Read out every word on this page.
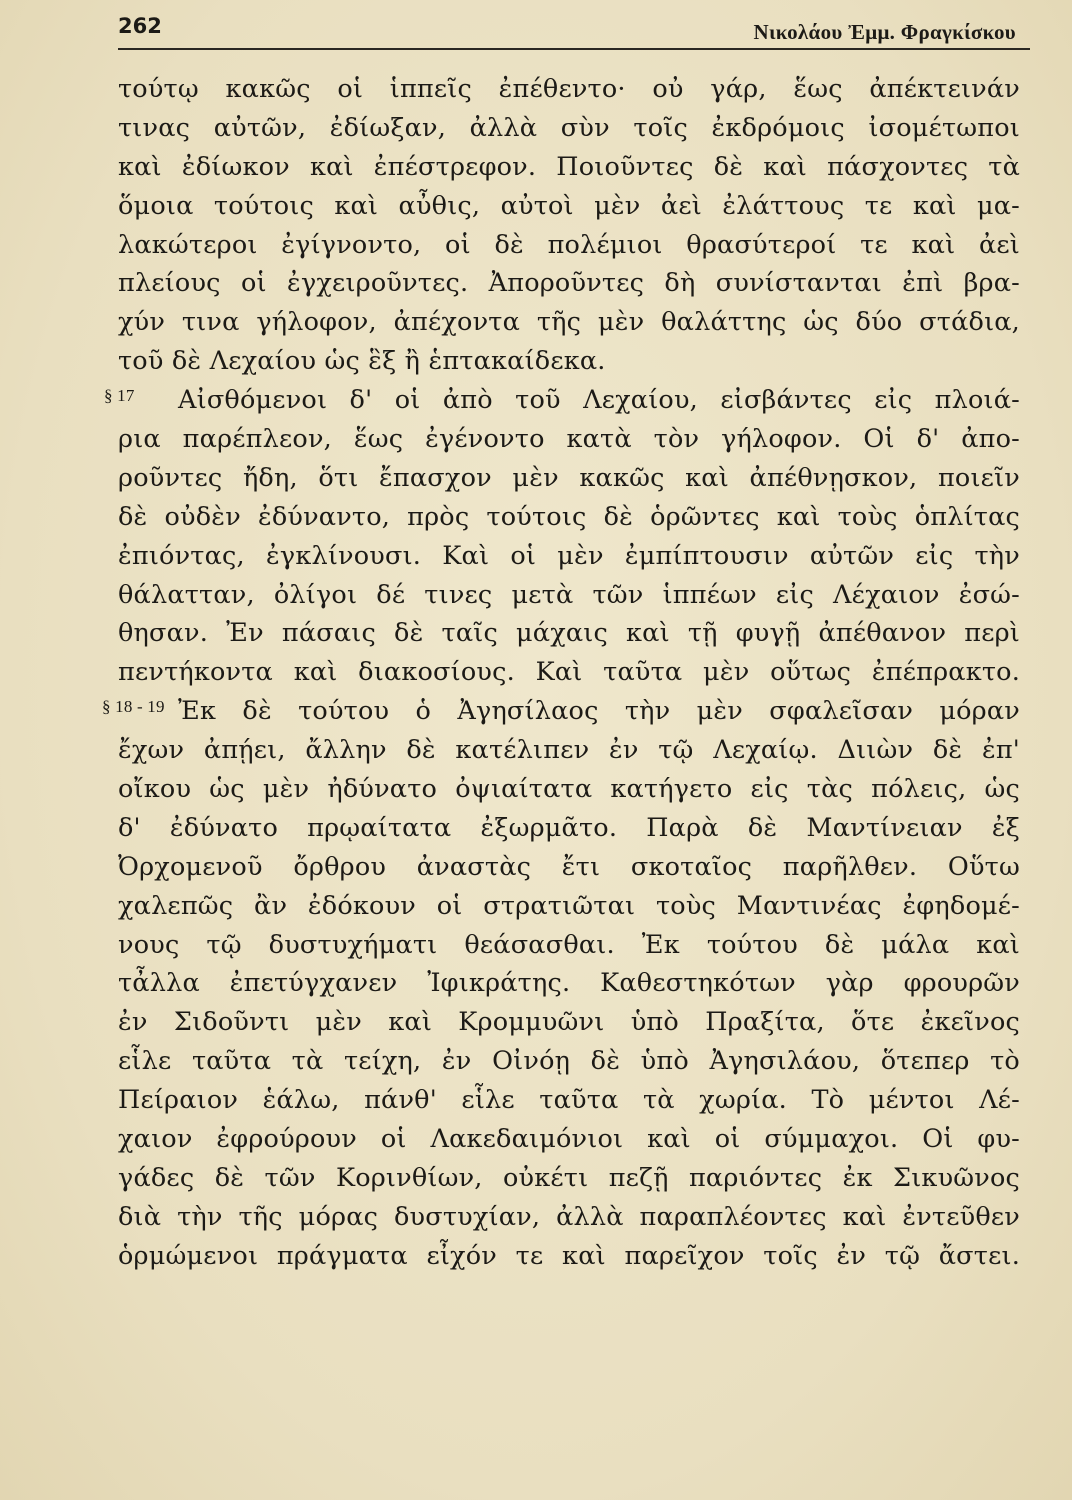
262	Νικολάου Ἐμμ. Φραγκίσκου
τούτῳ κακῶς οἱ ἱππεῖς ἐπέθεντο· οὐ γάρ, ἕως ἀπέκτεινάν
τινας αὐτῶν, ἐδίωξαν, ἀλλὰ σὺν τοῖς ἐκδρόμοις ἰσομέτωποι
καὶ ἐδίωκον καὶ ἐπέστρεφον. Ποιοῦντες δὲ καὶ πάσχοντες τὰ
ὅμοια τούτοις καὶ αὖθις, αὐτοὶ μὲν ἀεὶ ἐλάττους τε καὶ μα-
λακώτεροι ἐγίγνοντο, οἱ δὲ πολέμιοι θρασύτεροί τε καὶ ἀεὶ
πλείους οἱ ἐγχειροῦντες. Ἀποροῦντες δὴ συνίστανται ἐπὶ βρα-
χύν τινα γήλοφον, ἀπέχοντα τῆς μὲν θαλάττης ὡς δύο στάδια,
τοῦ δὲ Λεχαίου ὡς ἓξ ἢ ἑπτακαίδεκα.
§ 17 Αἰσθόμενοι δ' οἱ ἀπὸ τοῦ Λεχαίου, εἰσβάντες εἰς πλοιά-
ρια παρέπλεον, ἕως ἐγένοντο κατὰ τὸν γήλοφον. Οἱ δ' ἀπο-
ροῦντες ἤδη, ὅτι ἔπασχον μὲν κακῶς καὶ ἀπέθνῃσκον, ποιεῖν
δὲ οὐδὲν ἐδύναντο, πρὸς τούτοις δὲ ὁρῶντες καὶ τοὺς ὁπλίτας
ἐπιόντας, ἐγκλίνουσι. Καὶ οἱ μὲν ἐμπίπτουσιν αὐτῶν εἰς τὴν
θάλατταν, ὀλίγοι δέ τινες μετὰ τῶν ἱππέων εἰς Λέχαιον ἐσώ-
θησαν. Ἐν πάσαις δὲ ταῖς μάχαις καὶ τῇ φυγῇ ἀπέθανον περὶ
πεντήκοντα καὶ διακοσίους. Καὶ ταῦτα μὲν οὕτως ἐπέπρακτο.
§ 18 - 19 Ἐκ δὲ τούτου ὁ Ἀγησίλαος τὴν μὲν σφαλεῖσαν μόραν
ἔχων ἀπῄει, ἄλλην δὲ κατέλιπεν ἐν τῷ Λεχαίῳ. Διιὼν δὲ ἐπ'
οἴκου ὡς μὲν ἠδύνατο ὀψιαίτατα κατήγετο εἰς τὰς πόλεις, ὡς
δ' ἐδύνατο πρῳαίτατα ἐξωρμᾶτο. Παρὰ δὲ Μαντίνειαν ἐξ
Ὀρχομενοῦ ὄρθρου ἀναστὰς ἔτι σκοταῖος παρῆλθεν. Οὕτω
χαλεπῶς ἂν ἐδόκουν οἱ στρατιῶται τοὺς Μαντινέας ἐφηδομέ-
νους τῷ δυστυχήματι θεάσασθαι. Ἐκ τούτου δὲ μάλα καὶ
τἆλλα ἐπετύγχανεν Ἰφικράτης. Καθεστηκότων γὰρ φρουρῶν
ἐν Σιδοῦντι μὲν καὶ Κρομμυῶνι ὑπὸ Πραξίτα, ὅτε ἐκεῖνος
εἷλε ταῦτα τὰ τείχη, ἐν Οἰνόῃ δὲ ὑπὸ Ἀγησιλάου, ὅτεπερ τὸ
Πείραιον ἑάλω, πάνθ' εἷλε ταῦτα τὰ χωρία. Τὸ μέντοι Λέ-
χαιον ἐφρούρουν οἱ Λακεδαιμόνιοι καὶ οἱ σύμμαχοι. Οἱ φυ-
γάδες δὲ τῶν Κορινθίων, οὐκέτι πεζῇ παριόντες ἐκ Σικυῶνος
διὰ τὴν τῆς μόρας δυστυχίαν, ἀλλὰ παραπλέοντες καὶ ἐντεῦθεν
ὁρμώμενοι πράγματα εἶχόν τε καὶ παρεῖχον τοῖς ἐν τῷ ἄστει.
